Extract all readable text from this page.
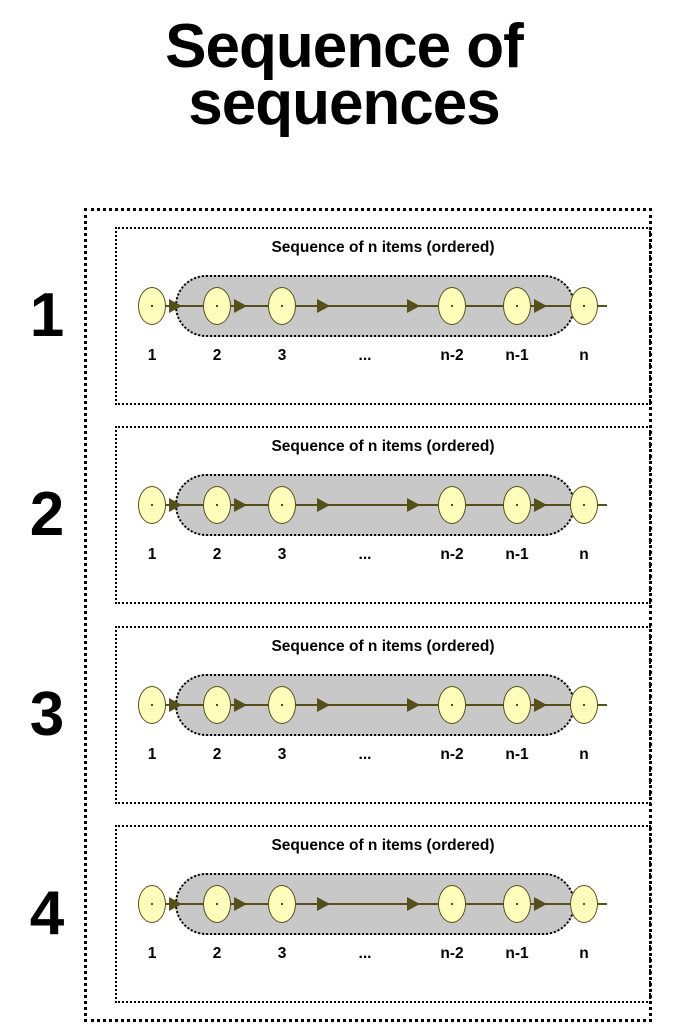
Sequence of
sequences
1
Sequence of n items (ordered)
1	2	3	...	n-2	n-1	n
2
Sequence of n items (ordered)
1	2	3	...	n-2	n-1	n
3
Sequence of n items (ordered)
1	2	3	...	n-2	n-1	n
4
Sequence of n items (ordered)
1	2	3	...	n-2	n-1	n
